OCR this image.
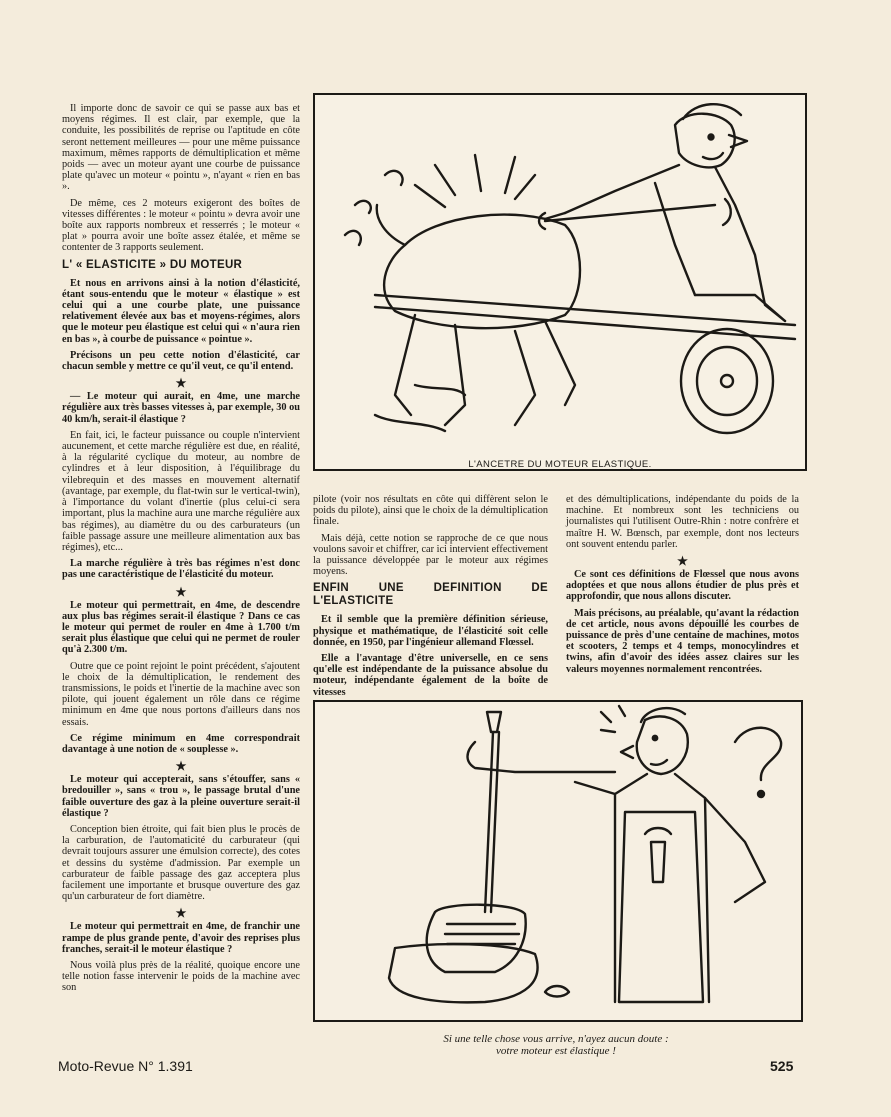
Il importe donc de savoir ce qui se passe aux bas et moyens régimes. Il est clair, par exemple, que la conduite, les possibilités de reprise ou l'aptitude en côte seront nettement meilleures — pour une même puissance maximum, mêmes rapports de démultiplication et même poids — avec un moteur ayant une courbe de puissance plate qu'avec un moteur « pointu », n'ayant « rien en bas ».

De même, ces 2 moteurs exigeront des boîtes de vitesses différentes : le moteur « pointu » devra avoir une boîte aux rapports nombreux et resserrés ; le moteur « plat » pourra avoir une boîte assez étalée, et même se contenter de 3 rapports seulement.

L' « ELASTICITE » DU MOTEUR

Et nous en arrivons ainsi à la notion d'élasticité, étant sous-entendu que le moteur « élastique » est celui qui a une courbe plate, une puissance relativement élevée aux bas et moyens-régimes, alors que le moteur peu élastique est celui qui « n'aura rien en bas », à courbe de puissance « pointue ».

Précisons un peu cette notion d'élasticité, car chacun semble y mettre ce qu'il veut, ce qu'il entend.

★

— Le moteur qui aurait, en 4me, une marche régulière aux très basses vitesses à, par exemple, 30 ou 40 km/h, serait-il élastique ?

En fait, ici, le facteur puissance ou couple n'intervient aucunement, et cette marche régulière est due, en réalité, à la régularité cyclique du moteur, au nombre de cylindres et à leur disposition, à l'équilibrage du vilebrequin et des masses en mouvement alternatif (avantage, par exemple, du flat-twin sur le vertical-twin), à l'importance du volant d'inertie (plus celui-ci sera important, plus la machine aura une marche régulière aux bas régimes), au diamètre du ou des carburateurs (un faible passage assure une meilleure alimentation aux bas régimes), etc...

La marche régulière à très bas régimes n'est donc pas une caractéristique de l'élasticité du moteur.

★

Le moteur qui permettrait, en 4me, de descendre aux plus bas régimes serait-il élastique ? Dans ce cas le moteur qui permet de rouler en 4me à 1.700 t/m serait plus élastique que celui qui ne permet de rouler qu'à 2.300 t/m.

Outre que ce point rejoint le point précédent, s'ajoutent le choix de la démultiplication, le rendement des transmissions, le poids et l'inertie de la machine avec son pilote, qui jouent également un rôle dans ce régime minimum en 4me que nous portons d'ailleurs dans nos essais.

Ce régime minimum en 4me correspondrait davantage à une notion de « souplesse ».

★

Le moteur qui accepterait, sans s'étouffer, sans « bredouiller », sans « trou », le passage brutal d'une faible ouverture des gaz à la pleine ouverture serait-il élastique ?

Conception bien étroite, qui fait bien plus le procès de la carburation, de l'automaticité du carburateur (qui devrait toujours assurer une émulsion correcte), des cotes et dessins du système d'admission. Par exemple un carburateur de faible passage des gaz acceptera plus facilement une importante et brusque ouverture des gaz qu'un carburateur de fort diamètre.

★

Le moteur qui permettrait en 4me, de franchir une rampe de plus grande pente, d'avoir des reprises plus franches, serait-il le moteur élastique ?

Nous voilà plus près de la réalité, quoique encore une telle notion fasse intervenir le poids de la machine avec son

L'ANCETRE DU MOTEUR ELASTIQUE.

pilote (voir nos résultats en côte qui diffèrent selon le poids du pilote), ainsi que le choix de la démultiplication finale.

Mais déjà, cette notion se rapproche de ce que nous voulons savoir et chiffrer, car ici intervient effectivement la puissance développée par le moteur aux régimes moyens.

ENFIN UNE DEFINITION DE L'ELASTICITE

Et il semble que la première définition sérieuse, physique et mathématique, de l'élasticité soit celle donnée, en 1950, par l'ingénieur allemand Flœssel.

Elle a l'avantage d'être universelle, en ce sens qu'elle est indépendante de la puissance absolue du moteur, indépendante également de la boîte de vitesses

et des démultiplications, indépendante du poids de la machine. Et nombreux sont les techniciens ou journalistes qui l'utilisent Outre-Rhin : notre confrère et maître H. W. Bœnsch, par exemple, dont nos lecteurs ont souvent entendu parler.

★

Ce sont ces définitions de Flœssel que nous avons adoptées et que nous allons étudier de plus près et approfondir, que nous allons discuter.

Mais précisons, au préalable, qu'avant la rédaction de cet article, nous avons dépouillé les courbes de puissance de près d'une centaine de machines, motos et scooters, 2 temps et 4 temps, monocylindres et twins, afin d'avoir des idées assez claires sur les valeurs moyennes normalement rencontrées.

Si une telle chose vous arrive, n'ayez aucun doute :
votre moteur est élastique !
Moto-Revue N° 1.391	525
